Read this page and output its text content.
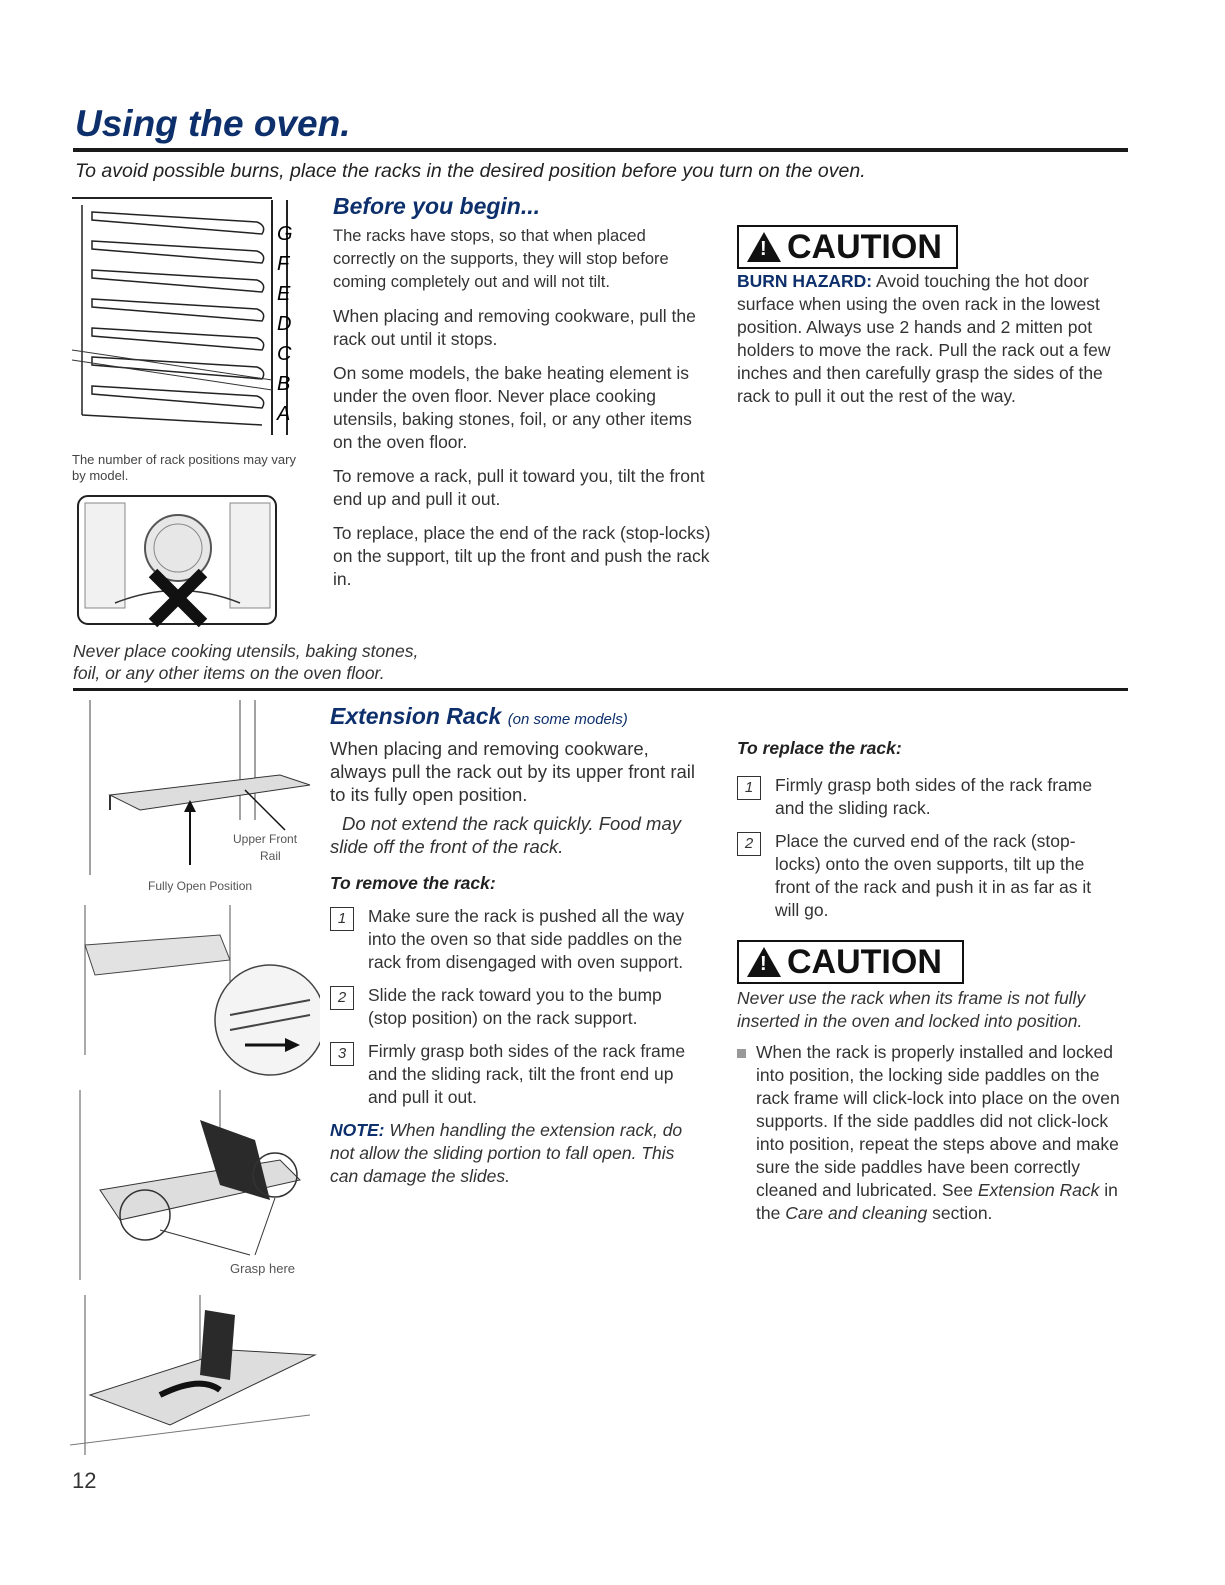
Using the oven.
To avoid possible burns, place the racks in the desired position before you turn on the oven.
G
F
E
D
C
B
A
The number of rack positions may vary by model.
Never place cooking utensils, baking stones, foil, or any other items on the oven floor.
Before you begin...

The racks have stops, so that when placed correctly on the supports, they will stop before coming completely out and will not tilt.

When placing and removing cookware, pull the rack out until it stops.

On some models, the bake heating element is under the oven floor. Never place cooking utensils, baking stones, foil, or any other items on the oven floor.

To remove a rack, pull it toward you, tilt the front end up and pull it out.

To replace, place the end of the rack (stop-locks) on the support, tilt up the front and push the rack in.

! CAUTION
BURN HAZARD: Avoid touching the hot door surface when using the oven rack in the lowest position. Always use 2 hands and 2 mitten pot holders to move the rack. Pull the rack out a few inches and then carefully grasp the sides of the rack to pull it out the rest of the way.
Upper Front
Rail
Fully Open Position
Grasp here
12
Extension Rack (on some models)

When placing and removing cookware, always pull the rack out by its upper front rail to its fully open position.

Do not extend the rack quickly. Food may slide off the front of the rack.

To remove the rack:
1	Make sure the rack is pushed all the way into the oven so that side paddles on the rack from disengaged with oven support.
2	Slide the rack toward you to the bump (stop position) on the rack support.
3	Firmly grasp both sides of the rack frame and the sliding rack, tilt the front end up and pull it out.

NOTE: When handling the extension rack, do not allow the sliding portion to fall open. This can damage the slides.

To replace the rack:
1	Firmly grasp both sides of the rack frame and the sliding rack.
2	Place the curved end of the rack (stop-locks) onto the oven supports, tilt up the front of the rack and push it in as far as it will go.
! CAUTION

Never use the rack when its frame is not fully inserted in the oven and locked into position.

When the rack is properly installed and locked into position, the locking side paddles on the rack frame will click-lock into place on the oven supports. If the side paddles did not click-lock into position, repeat the steps above and make sure the side paddles have been correctly cleaned and lubricated. See Extension Rack in the Care and cleaning section.
